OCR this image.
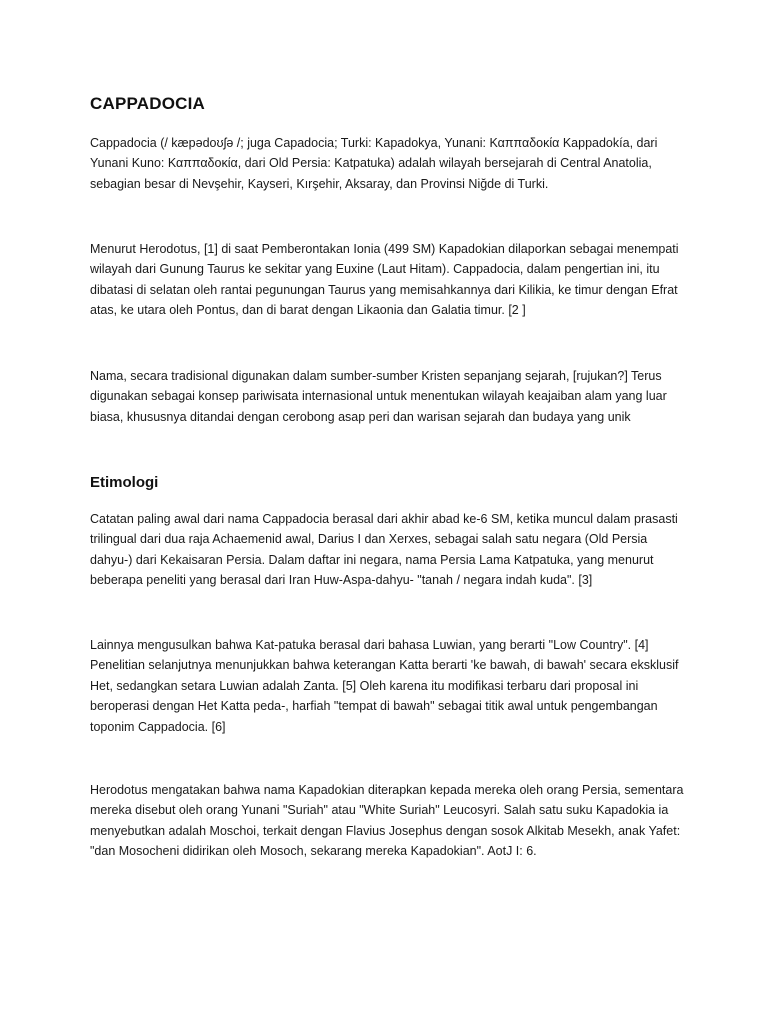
CAPPADOCIA

Cappadocia (/ kæpədoʊʃə /; juga Capadocia; Turki: Kapadokya, Yunani: Καππαδοκία Kappadokía, dari Yunani Kuno: Καππαδοκία, dari Old Persia: Katpatuka) adalah wilayah bersejarah di Central Anatolia, sebagian besar di Nevşehir, Kayseri, Kırşehir, Aksaray, dan Provinsi Niğde di Turki.

Menurut Herodotus, [1] di saat Pemberontakan Ionia (499 SM) Kapadokian dilaporkan sebagai menempati wilayah dari Gunung Taurus ke sekitar yang Euxine (Laut Hitam). Cappadocia, dalam pengertian ini, itu dibatasi di selatan oleh rantai pegunungan Taurus yang memisahkannya dari Kilikia, ke timur dengan Efrat atas, ke utara oleh Pontus, dan di barat dengan Likaonia dan Galatia timur. [2 ]

Nama, secara tradisional digunakan dalam sumber-sumber Kristen sepanjang sejarah, [rujukan?] Terus digunakan sebagai konsep pariwisata internasional untuk menentukan wilayah keajaiban alam yang luar biasa, khususnya ditandai dengan cerobong asap peri dan warisan sejarah dan budaya yang unik

Etimologi

Catatan paling awal dari nama Cappadocia berasal dari akhir abad ke-6 SM, ketika muncul dalam prasasti trilingual dari dua raja Achaemenid awal, Darius I dan Xerxes, sebagai salah satu negara (Old Persia dahyu-) dari Kekaisaran Persia. Dalam daftar ini negara, nama Persia Lama Katpatuka, yang menurut beberapa peneliti yang berasal dari Iran Huw-Aspa-dahyu- "tanah / negara indah kuda". [3]

Lainnya mengusulkan bahwa Kat-patuka berasal dari bahasa Luwian, yang berarti "Low Country". [4] Penelitian selanjutnya menunjukkan bahwa keterangan Katta berarti 'ke bawah, di bawah' secara eksklusif Het, sedangkan setara Luwian adalah Zanta. [5] Oleh karena itu modifikasi terbaru dari proposal ini beroperasi dengan Het Katta peda-, harfiah "tempat di bawah" sebagai titik awal untuk pengembangan toponim Cappadocia. [6]

Herodotus mengatakan bahwa nama Kapadokian diterapkan kepada mereka oleh orang Persia, sementara mereka disebut oleh orang Yunani "Suriah" atau "White Suriah" Leucosyri. Salah satu suku Kapadokia ia menyebutkan adalah Moschoi, terkait dengan Flavius Josephus dengan sosok Alkitab Mesekh, anak Yafet: "dan Mosocheni didirikan oleh Mosoch, sekarang mereka Kapadokian". AotJ I: 6.
